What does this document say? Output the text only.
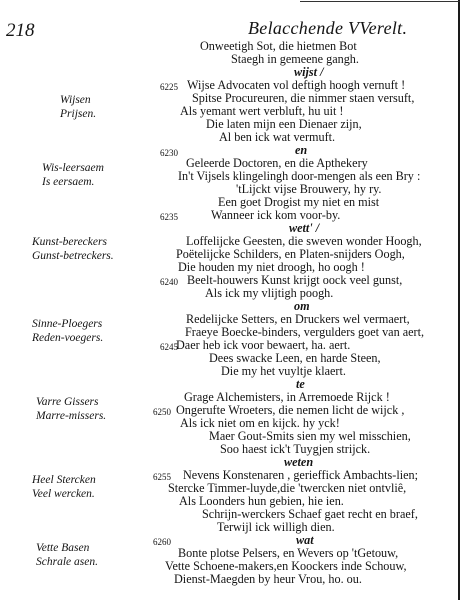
218	Belacchende VVerelt.
Onweetigh Sot, die hietmen Bot
Staegh in gemeene gangh.
wijst /
Wijse Advocaten vol deftigh hoogh vernuft !
Spitse Procureuren, die nimmer staen versuft,
Als yemant wert verbluft, hu uit !
Die laten mijn een Dienaer zijn,
Al ben ick wat vermuft.
en
Geleerde Doctoren, en die Apthekery
In't Vijsels klingelingh door-mengen als een Bry :
'tLijckt vijse Brouwery, hy ry.
Een goet Drogist my niet en mist
Wanneer ick kom voor-by.
wett' /
Loffelijcke Geesten, die sweven wonder Hoogh,
Poëtelijcke Schilders, en Platen-snijders Oogh,
Die houden my niet droogh, ho oogh !
Beelt-houwers Kunst krijgt oock veel gunst,
Als ick my vlijtigh poogh.
om
Redelijcke Setters, en Druckers wel vermaert,
Fraeye Boecke-binders, vergulders goet van aert,
Daer heb ick voor bewaert, ha. aert.
Dees swacke Leen, en harde Steen,
Die my het vuyltje klaert.
te
Grage Alchemisters, in Arremoede Rijck !
Ongerufte Wroeters, die nemen licht de wijck ,
Als ick niet om en kijck. hy yck!
Maer Gout-Smits sien my wel misschien,
Soo haest ick't Tuygjen strijck.
weten
Nevens Konstenaren , gerieffick Ambachts-lien;
Stercke Timmer-luyde,die 'twercken niet ontvliê,
Als Loonders hun gebien, hie ien.
Schrijn-werckers Schaef gaet recht en braef,
Terwijl ick willigh dien.
wat
Bonte plotse Pelsers, en Wevers op 'tGetouw,
Vette Schoene-makers,en Koockers inde Schouw,
Dienst-Maegden by heur Vrou, ho. ou.
6225
6230
6235
6240
6245
6250
6255
6260
Wijsen
Prijsen.
Wis-leersaem
Is eersaem.
Kunst-bereckers
Gunst-betreckers.
Sinne-Ploegers
Reden-voegers.
Varre Gissers
Marre-missers.
Heel Stercken
Veel wercken.
Vette Basen
Schrale asen.
